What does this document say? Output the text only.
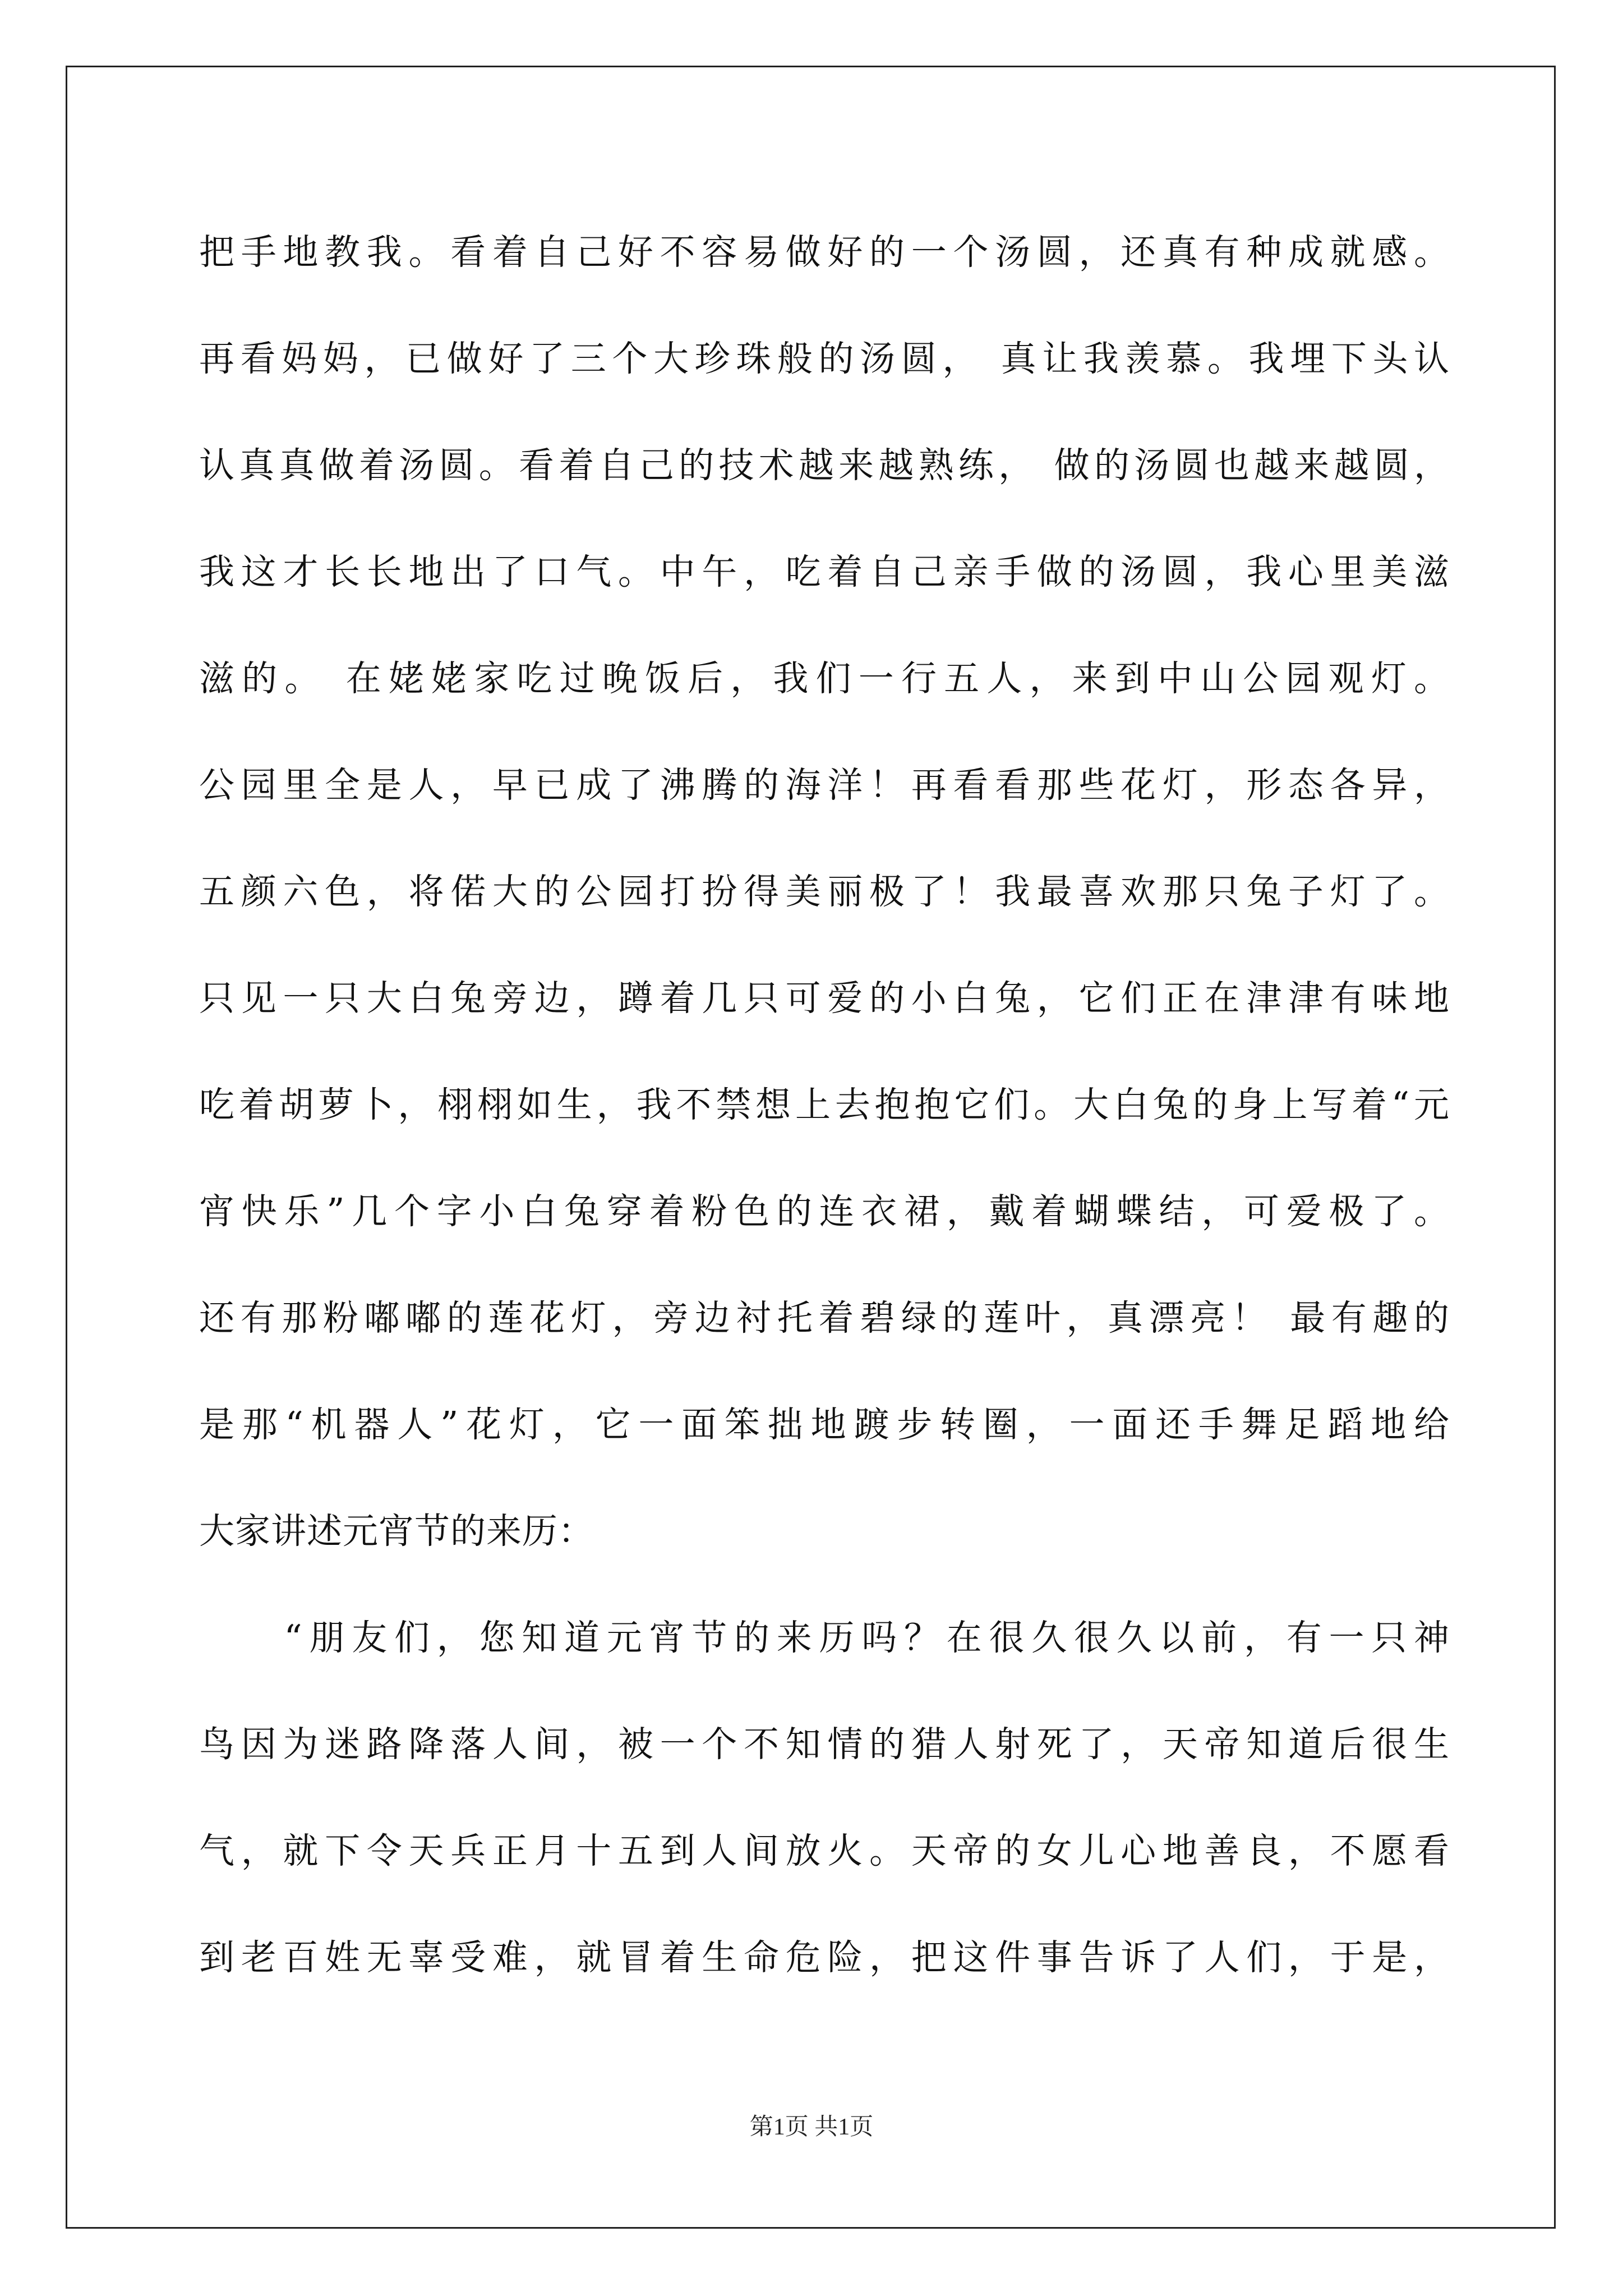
把手地教我。看着自己好不容易做好的一个汤圆，还真有种成就感。
再看妈妈，已做好了三个大珍珠般的汤圆， 真让我羡慕。我埋下头认
认真真做着汤圆。看着自己的技术越来越熟练， 做的汤圆也越来越圆，
我这才长长地出了口气。中午，吃着自己亲手做的汤圆，我心里美滋
滋的。 在姥姥家吃过晚饭后，我们一行五人，来到中山公园观灯。
公园里全是人，早已成了沸腾的海洋！再看看那些花灯，形态各异，
五颜六色，将偌大的公园打扮得美丽极了！我最喜欢那只兔子灯了。
只见一只大白兔旁边，蹲着几只可爱的小白兔，它们正在津津有味地
吃着胡萝卜，栩栩如生，我不禁想上去抱抱它们。大白兔的身上写着“元
宵快乐”几个字小白兔穿着粉色的连衣裙，戴着蝴蝶结，可爱极了。
还有那粉嘟嘟的莲花灯，旁边衬托着碧绿的莲叶，真漂亮！ 最有趣的
是那“机器人”花灯，它一面笨拙地踱步转圈，一面还手舞足蹈地给
大家讲述元宵节的来历：
　　“朋友们，您知道元宵节的来历吗？在很久很久以前，有一只神
鸟因为迷路降落人间，被一个不知情的猎人射死了，天帝知道后很生
气，就下令天兵正月十五到人间放火。天帝的女儿心地善良，不愿看
到老百姓无辜受难，就冒着生命危险，把这件事告诉了人们，于是，
第1页 共1页
